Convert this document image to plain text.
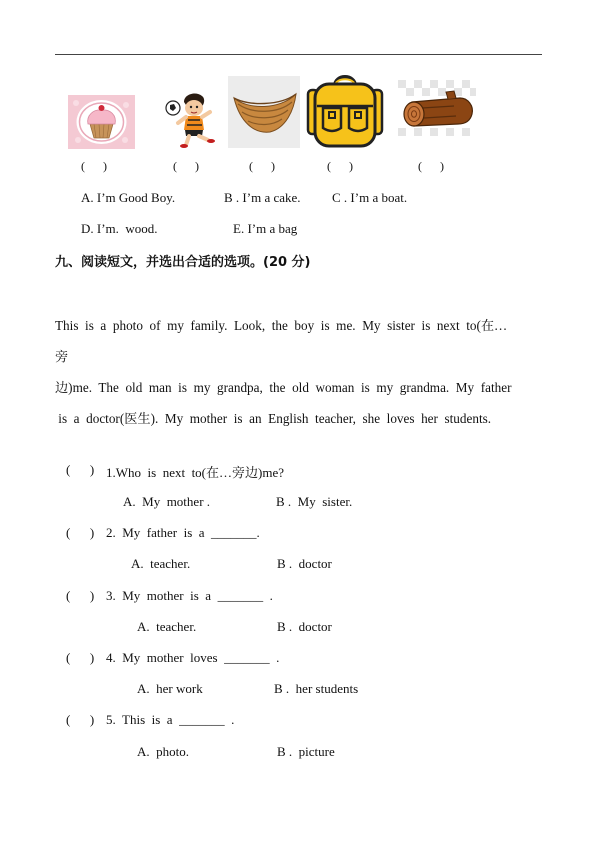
(      )	(      )	(      )	(      )	(      )
A. I’m Good Boy.	B . I’m a cake. C . I’m a boat.
D. I’m.  wood.	E. I’m a bag
九、阅读短文，并选出合适的选项。(20 分)
This  is  a  photo  of  my  family.  Look,  the  boy  is  me.  My  sister  is  next  to(在…
旁
边)me.  The  old  man  is  my  grandpa,  the  old  woman  is  my  grandma.  My  father
is  a  doctor(医生).  My  mother  is  an  English  teacher,  she  loves  her  students.
(      ) 1.Who  is  next  to(在…旁边)me?
A.  My  mother .	B .  My  sister.
(      ) 2.  My  father  is  a  _______.
A.  teacher.	B .  doctor
(      ) 3.  My  mother  is  a  _______  .
A.  teacher.	B .  doctor
(      ) 4.  My  mother  loves  _______  .
A.  her work	B .  her students
(      ) 5.  This  is  a  _______  .
A.  photo.	B .  picture
